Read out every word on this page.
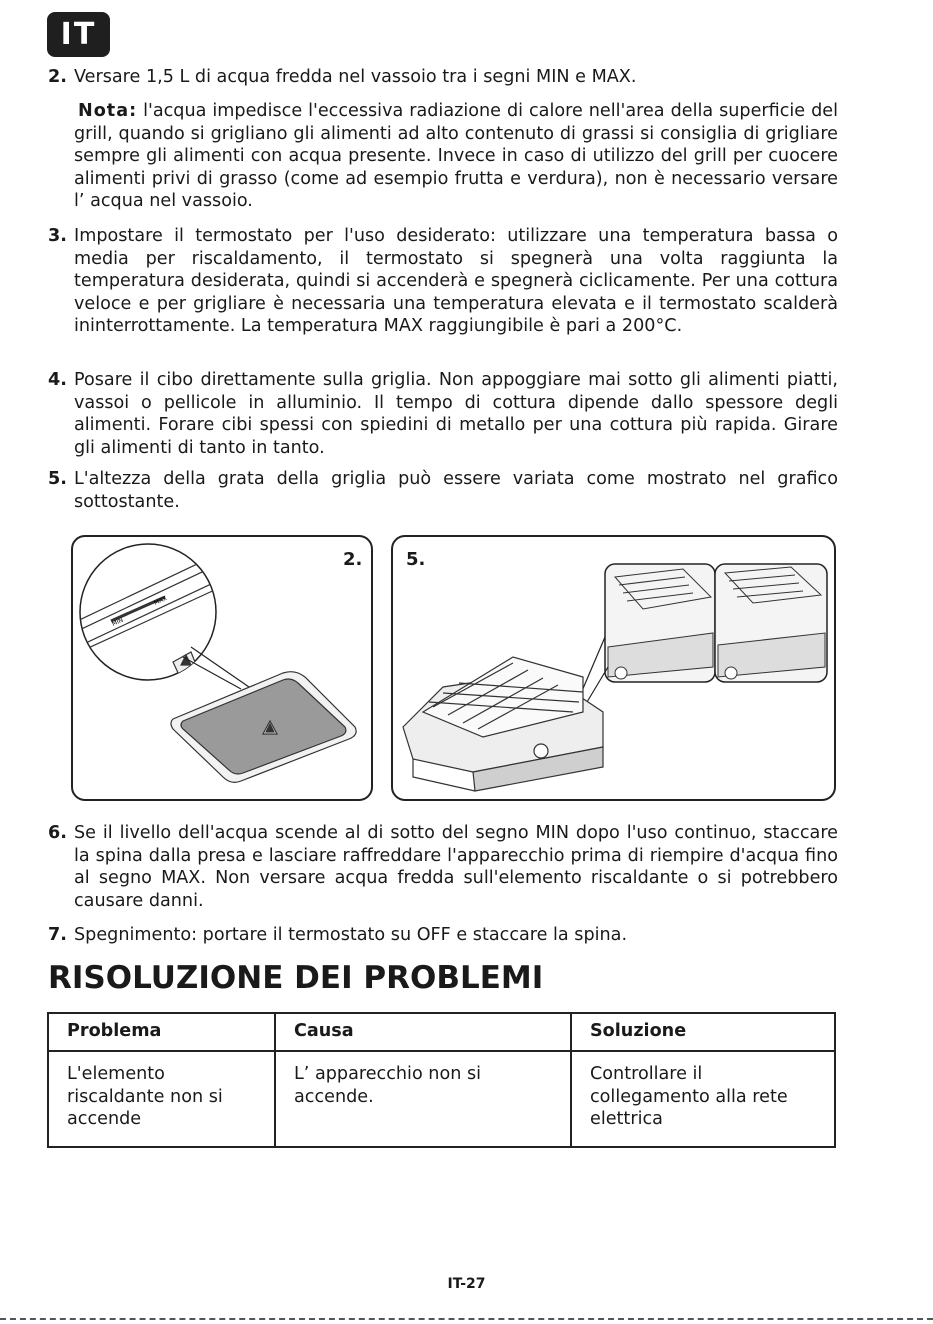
IT
2. Versare 1,5 L di acqua fredda nel vassoio tra i segni MIN e MAX.
Nota: l'acqua impedisce l'eccessiva radiazione di calore nell'area della superficie del grill, quando si grigliano gli alimenti ad alto contenuto di grassi si consiglia di grigliare sempre gli alimenti con acqua presente. Invece in caso di utilizzo del grill per cuocere alimenti privi di grasso (come ad esempio frutta e verdura), non è necessario versare l’ acqua nel vassoio.
3. Impostare il termostato per l'uso desiderato: utilizzare una temperatura bassa o media per riscaldamento, il termostato si spegnerà una volta raggiunta la temperatura desiderata, quindi si accenderà e spegnerà ciclicamente. Per una cottura veloce e per grigliare è necessaria una temperatura elevata e il termostato scalderà ininterrottamente. La temperatura MAX raggiungibile è pari a 200°C.
4. Posare il cibo direttamente sulla griglia. Non appoggiare mai sotto gli alimenti piatti, vassoi o pellicole in alluminio. Il tempo di cottura dipende dallo spessore degli alimenti. Forare cibi spessi con spiedini di metallo per una cottura più rapida. Girare gli alimenti di tanto in tanto.
5. L'altezza della grata della griglia può essere variata come mostrato nel grafico sottostante.
2.
MIN
MAX
5.
6. Se il livello dell'acqua scende al di sotto del segno MIN dopo l'uso continuo, staccare la spina dalla presa e lasciare raffreddare l'apparecchio prima di riempire d'acqua fino al segno MAX. Non versare acqua fredda sull'elemento riscaldante o si potrebbero causare danni.
7. Spegnimento: portare il termostato su OFF e staccare la spina.
RISOLUZIONE DEI PROBLEMI
Problema	Causa	Soluzione
L'elemento riscaldante non si accende	L’ apparecchio non si accende.	Controllare il collegamento alla rete elettrica
IT-27
